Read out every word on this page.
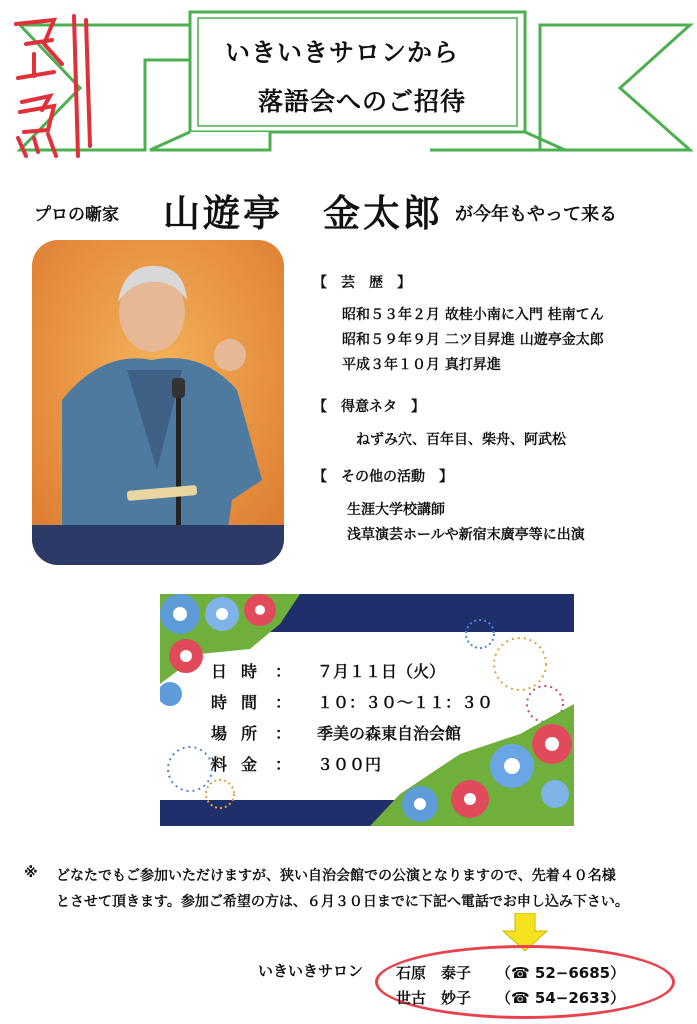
いきいきサロンから
落語会へのご招待
プロの噺家 山遊亭　金太郎 が今年もやって来る
【　芸　歴　】
昭和５３年２月 故桂小南に入門 桂南てん
昭和５９年９月 二ツ目昇進 山遊亭金太郎
平成３年１０月 真打昇進
【　得意ネタ　】
ねずみ穴、百年目、柴舟、阿武松
【　その他の活動　】
生涯大学校講師
浅草演芸ホールや新宿末廣亭等に出演
日時 ： ７月１１日（火）
時間 ： １０：３０〜１１：３０
場所 ： 季美の森東自治会館
料金 ： ３００円
※ どなたでもご参加いただけますが、狭い自治会館での公演となりますので、先着４０名様
とさせて頂きます。参加ご希望の方は、６月３０日までに下記へ電話でお申し込み下さい。
いきいきサロン 石原　泰子 （☎ 52−6685）
世古　妙子 （☎ 54−2633）
